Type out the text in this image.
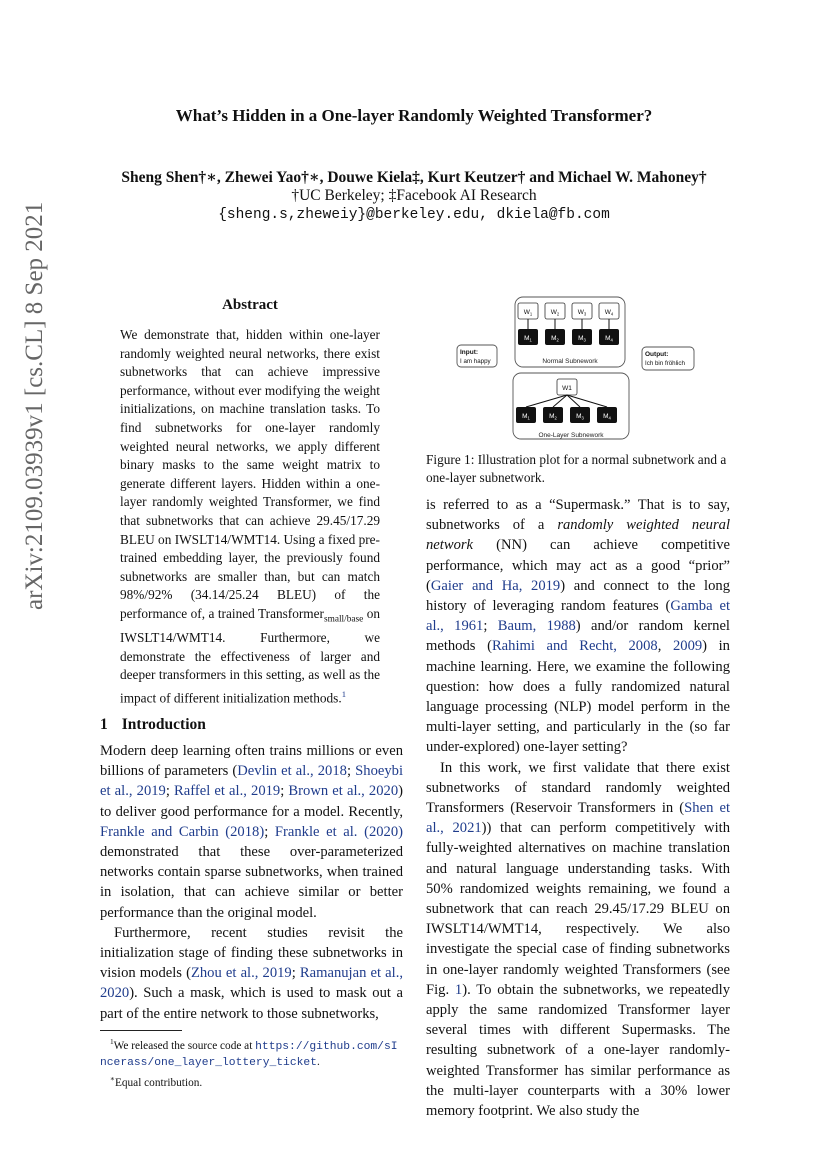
arXiv:2109.03939v1 [cs.CL] 8 Sep 2021
What’s Hidden in a One-layer Randomly Weighted Transformer?
Sheng Shen†∗, Zhewei Yao†∗, Douwe Kiela‡, Kurt Keutzer† and Michael W. Mahoney†
†UC Berkeley; ‡Facebook AI Research
{sheng.s,zheweiy}@berkeley.edu, dkiela@fb.com
Abstract
We demonstrate that, hidden within one-layer randomly weighted neural networks, there exist subnetworks that can achieve impressive performance, without ever modifying the weight initializations, on machine translation tasks. To find subnetworks for one-layer randomly weighted neural networks, we apply different binary masks to the same weight matrix to generate different layers. Hidden within a one-layer randomly weighted Transformer, we find that subnetworks that can achieve 29.45/17.29 BLEU on IWSLT14/WMT14. Using a fixed pre-trained embedding layer, the previously found subnetworks are smaller than, but can match 98%/92% (34.14/25.24 BLEU) of the performance of, a trained Transformer$_{small/base}$ on IWSLT14/WMT14. Furthermore, we demonstrate the effectiveness of larger and deeper transformers in this setting, as well as the impact of different initialization methods.$^1$
$W_1$
$M_1$
$W_2$
$M_2$
$W_3$
$M_3$
$W_4$
$M_4$
Normal Subnework
Input:
I am happy
Output:
Ich bin fröhlich
W1
$M_1$	$M_2$	$M_3$	$M_4$
One-Layer Subnework
Figure 1: Illustration plot for a normal subnetwork and a one-layer subnetwork.
1 Introduction

Modern deep learning often trains millions or even billions of parameters (Devlin et al., 2018; Shoeybi et al., 2019; Raffel et al., 2019; Brown et al., 2020) to deliver good performance for a model. Recently, Frankle and Carbin (2018); Frankle et al. (2020) demonstrated that these over-parameterized networks contain sparse subnetworks, when trained in isolation, that can achieve similar or better performance than the original model.

Furthermore, recent studies revisit the initialization stage of finding these subnetworks in vision models (Zhou et al., 2019; Ramanujan et al., 2020). Such a mask, which is used to mask out a part of the entire network to those subnetworks,

$^1$We released the source code at https://github.com/sIncerass/one_layer_lottery_ticket.
∗Equal contribution.

is referred to as a “Supermask.” That is to say, subnetworks of a randomly weighted neural network (NN) can achieve competitive performance, which may act as a good “prior” (Gaier and Ha, 2019) and connect to the long history of leveraging random features (Gamba et al., 1961; Baum, 1988) and/or random kernel methods (Rahimi and Recht, 2008, 2009) in machine learning. Here, we examine the following question: how does a fully randomized natural language processing (NLP) model perform in the multi-layer setting, and particularly in the (so far under-explored) one-layer setting?

In this work, we first validate that there exist subnetworks of standard randomly weighted Transformers (Reservoir Transformers in (Shen et al., 2021)) that can perform competitively with fully-weighted alternatives on machine translation and natural language understanding tasks. With 50% randomized weights remaining, we found a subnetwork that can reach 29.45/17.29 BLEU on IWSLT14/WMT14, respectively. We also investigate the special case of finding subnetworks in one-layer randomly weighted Transformers (see Fig. 1). To obtain the subnetworks, we repeatedly apply the same randomized Transformer layer several times with different Supermasks. The resulting subnetwork of a one-layer randomly-weighted Transformer has similar performance as the multi-layer counterparts with a 30% lower memory footprint. We also study the
